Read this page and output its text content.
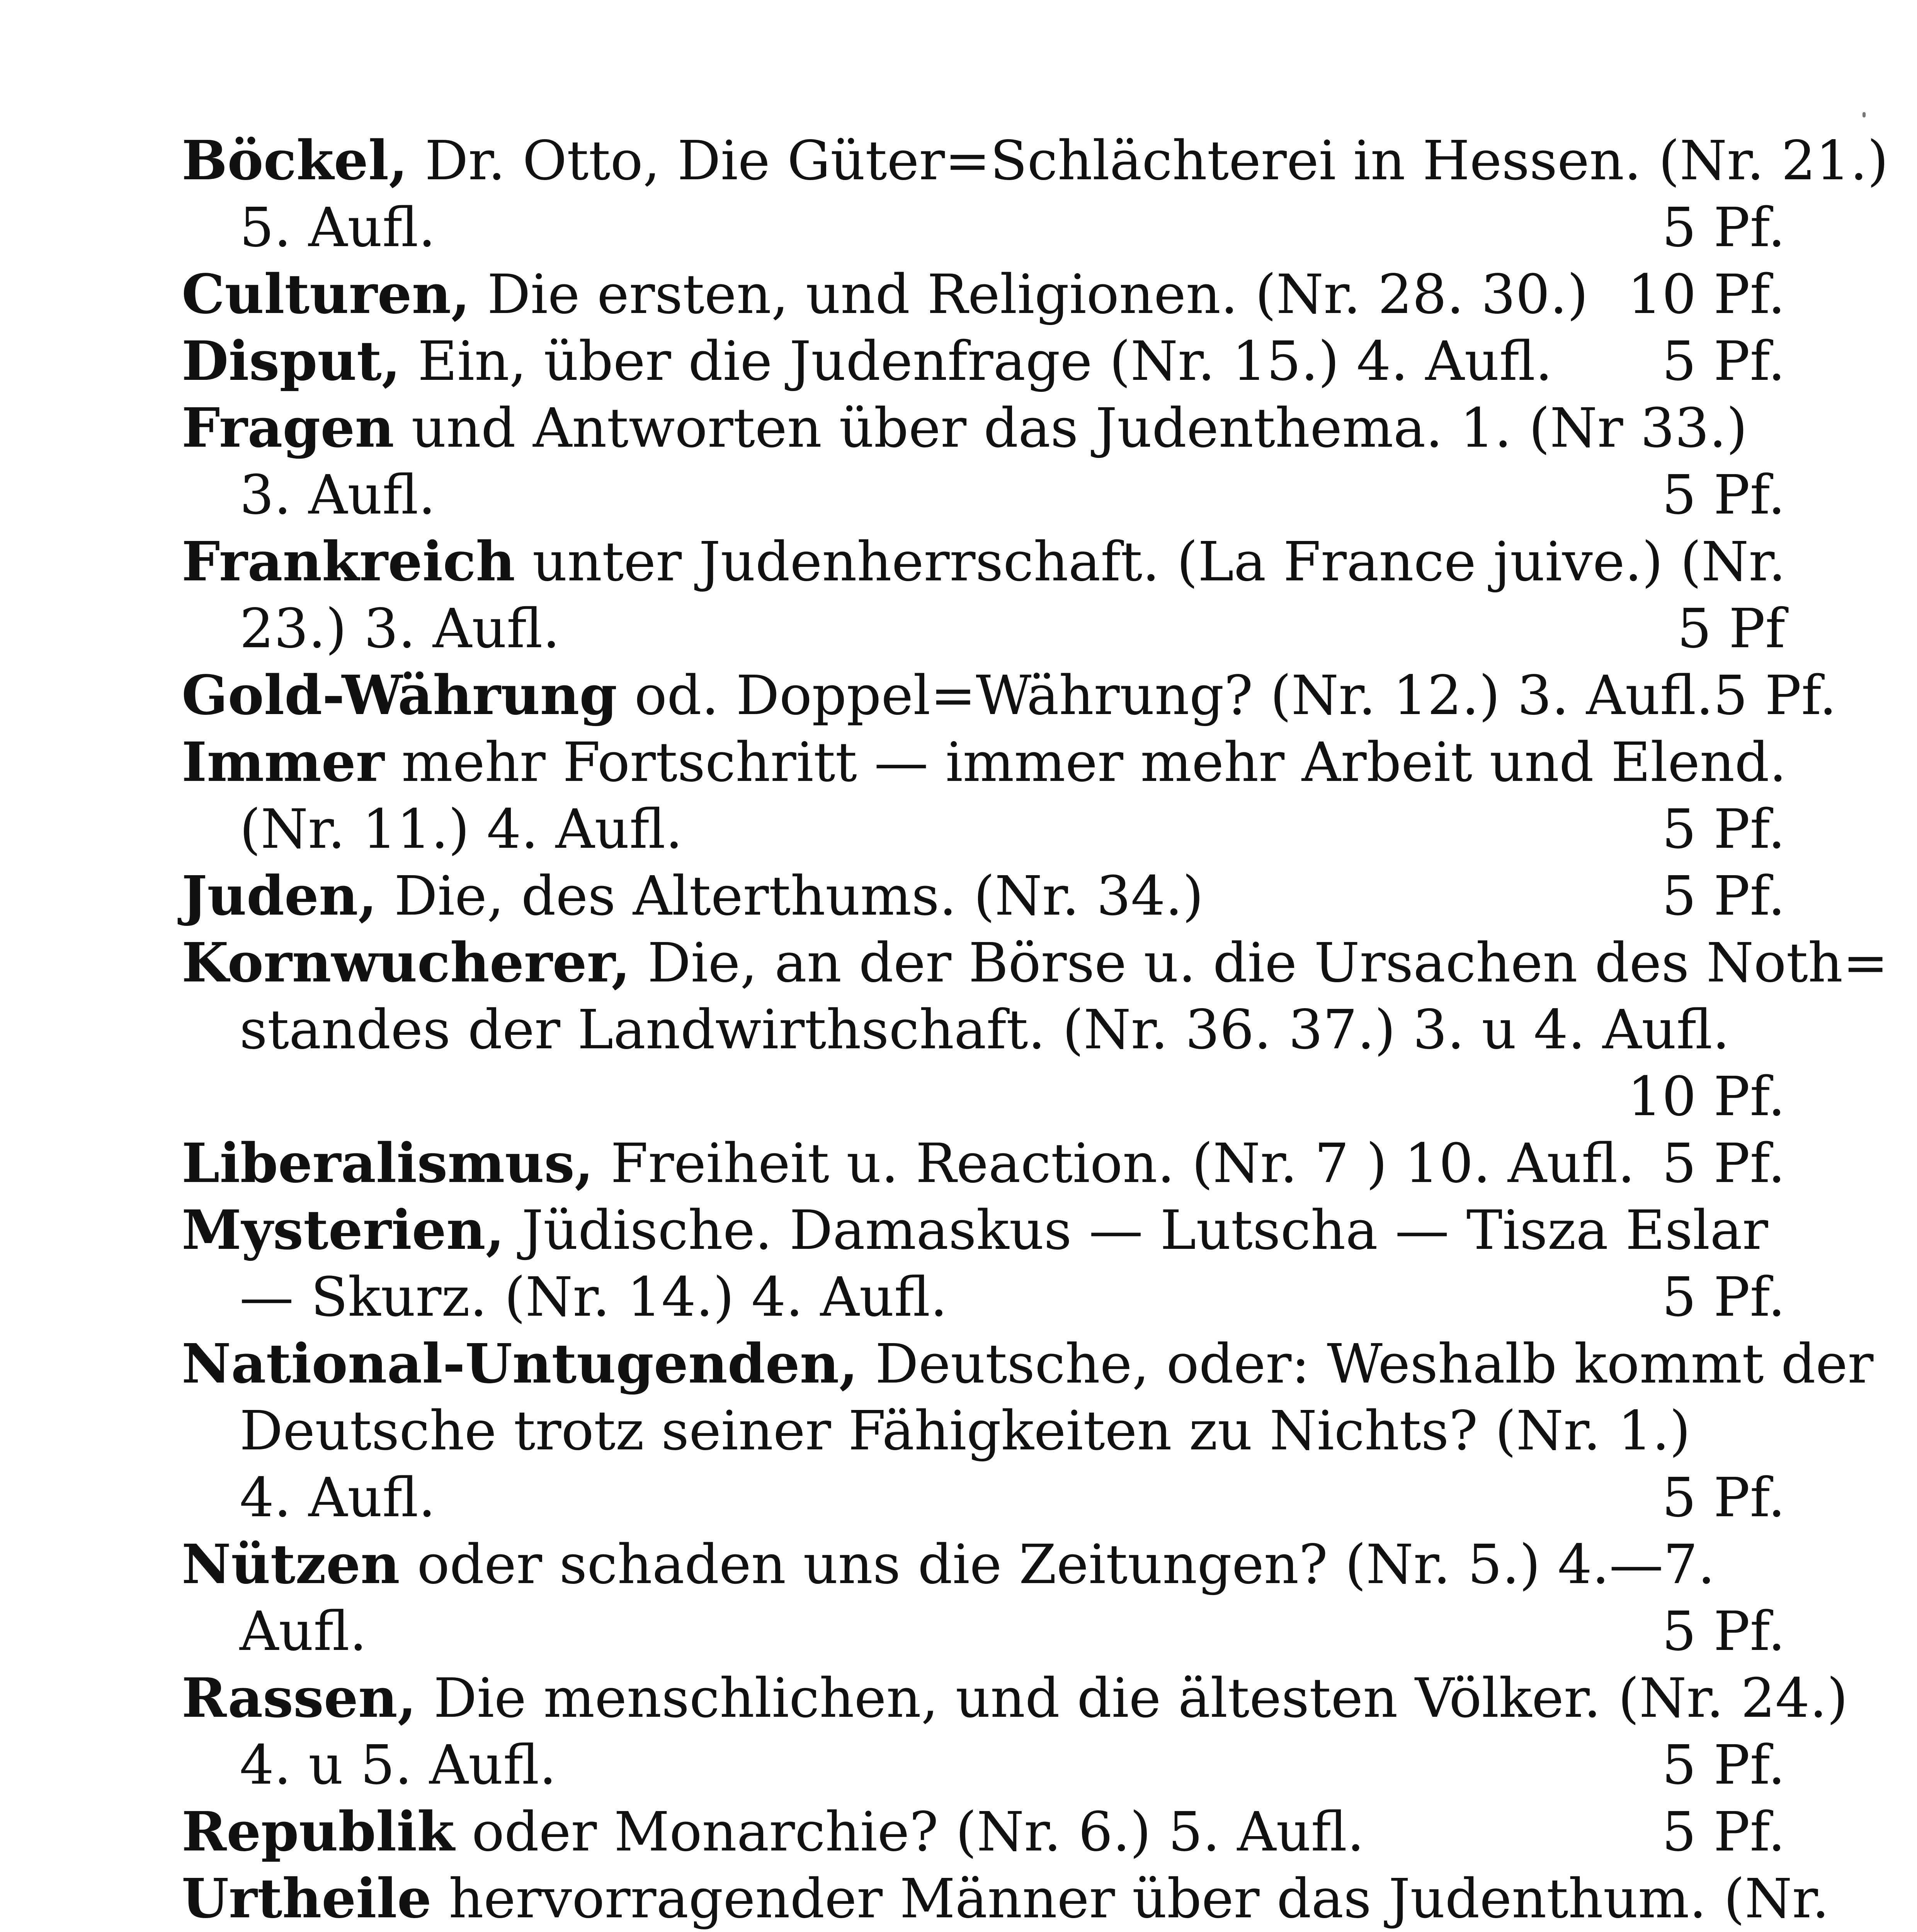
Böckel, Dr. Otto, Die Güter=Schlächterei in Hessen. (Nr. 21.)
5. Aufl.	5 Pf.
Culturen, Die ersten, und Religionen. (Nr. 28. 30.) 10 Pf.
Disput, Ein, über die Judenfrage (Nr. 15.) 4. Aufl. 5 Pf.
Fragen und Antworten über das Judenthema. 1. (Nr 33.)
3. Aufl.	5 Pf.
Frankreich unter Judenherrschaft. (La France juive.) (Nr.
23.) 3. Aufl.	5 Pf
Gold-Währung od. Doppel=Währung? (Nr. 12.) 3. Aufl. 5 Pf.
Immer mehr Fortschritt — immer mehr Arbeit und Elend.
(Nr. 11.) 4. Aufl.	5 Pf.
Juden, Die, des Alterthums. (Nr. 34.)	5 Pf.
Kornwucherer, Die, an der Börse u. die Ursachen des Noth=
standes der Landwirthschaft. (Nr. 36. 37.) 3. u 4. Aufl.
10 Pf.
Liberalismus, Freiheit u. Reaction. (Nr. 7 ) 10. Aufl. 5 Pf.
Mysterien, Jüdische. Damaskus — Lutscha — Tisza Eslar
— Skurz. (Nr. 14.) 4. Aufl.	5 Pf.
National-Untugenden, Deutsche, oder: Weshalb kommt der
Deutsche trotz seiner Fähigkeiten zu Nichts? (Nr. 1.)
4. Aufl.	5 Pf.
Nützen oder schaden uns die Zeitungen? (Nr. 5.) 4.—7.
Aufl.	5 Pf.
Rassen, Die menschlichen, und die ältesten Völker. (Nr. 24.)
4. u 5. Aufl.	5 Pf.
Republik oder Monarchie? (Nr. 6.) 5. Aufl.	5 Pf.
Urtheile hervorragender Männer über das Judenthum. (Nr.
